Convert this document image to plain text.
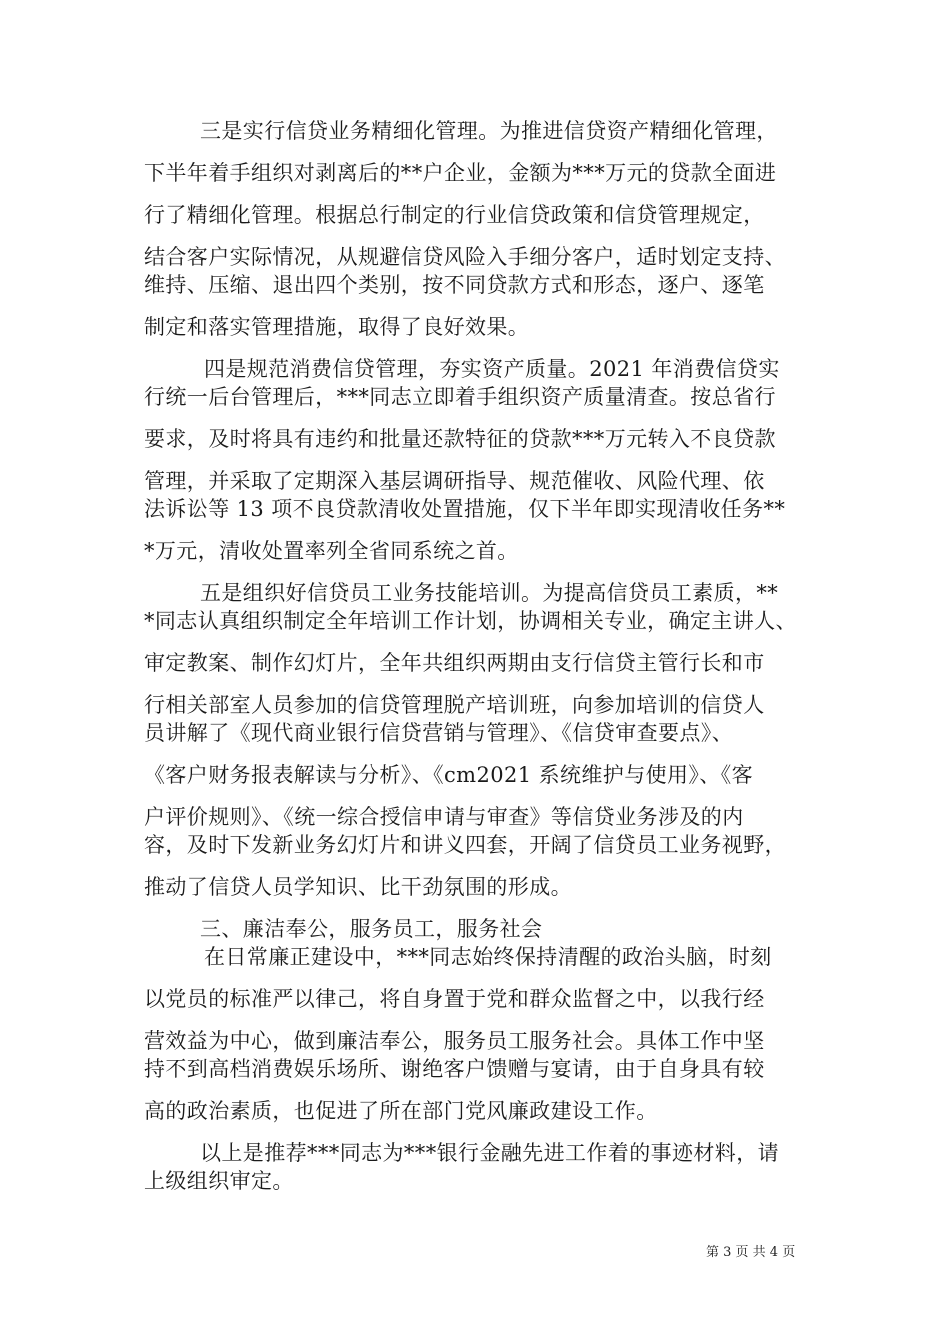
三是实行信贷业务精细化管理。为推进信贷资产精细化管理，
下半年着手组织对剥离后的**户企业，金额为***万元的贷款全面进
行了精细化管理。根据总行制定的行业信贷政策和信贷管理规定，
结合客户实际情况，从规避信贷风险入手细分客户，适时划定支持、
维持、压缩、退出四个类别，按不同贷款方式和形态，逐户、逐笔
制定和落实管理措施，取得了良好效果。
四是规范消费信贷管理，夯实资产质量。2021 年消费信贷实
行统一后台管理后，***同志立即着手组织资产质量清查。按总省行
要求，及时将具有违约和批量还款特征的贷款***万元转入不良贷款
管理，并采取了定期深入基层调研指导、规范催收、风险代理、依
法诉讼等 13 项不良贷款清收处置措施，仅下半年即实现清收任务**
*万元，清收处置率列全省同系统之首。
五是组织好信贷员工业务技能培训。为提高信贷员工素质，**
*同志认真组织制定全年培训工作计划，协调相关专业，确定主讲人、
审定教案、制作幻灯片，全年共组织两期由支行信贷主管行长和市
行相关部室人员参加的信贷管理脱产培训班，向参加培训的信贷人
员讲解了《现代商业银行信贷营销与管理》、《信贷审查要点》、
《客户财务报表解读与分析》、《cm2021 系统维护与使用》、《客
户评价规则》、《统一综合授信申请与审查》等信贷业务涉及的内
容，及时下发新业务幻灯片和讲义四套，开阔了信贷员工业务视野，
推动了信贷人员学知识、比干劲氛围的形成。
三、廉洁奉公，服务员工，服务社会
在日常廉正建设中，***同志始终保持清醒的政治头脑，时刻
以党员的标准严以律己，将自身置于党和群众监督之中，以我行经
营效益为中心，做到廉洁奉公，服务员工服务社会。具体工作中坚
持不到高档消费娱乐场所、谢绝客户馈赠与宴请，由于自身具有较
高的政治素质，也促进了所在部门党风廉政建设工作。
以上是推荐***同志为***银行金融先进工作着的事迹材料，请
上级组织审定。
第 3 页 共 4 页
